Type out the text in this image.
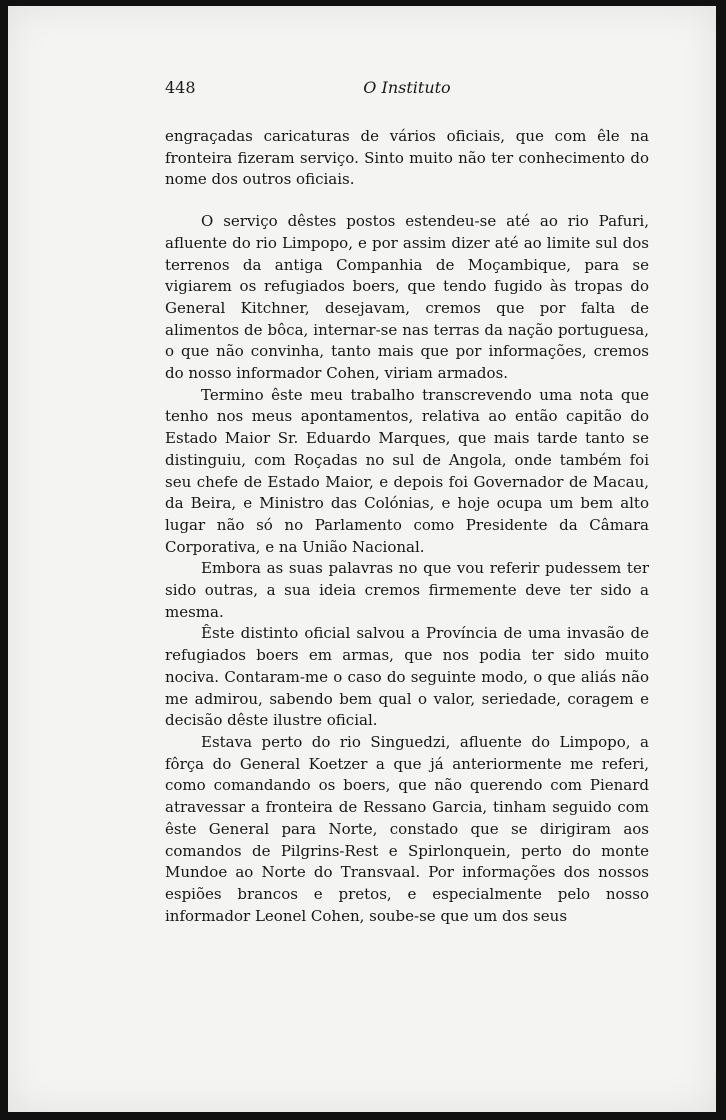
448	O Instituto

engraçadas caricaturas de vários oficiais, que com êle na fronteira fizeram serviço. Sinto muito não ter conhecimento do nome dos outros oficiais.

O serviço dêstes postos estendeu-se até ao rio Pafuri, afluente do rio Limpopo, e por assim dizer até ao limite sul dos terrenos da antiga Companhia de Moçambique, para se vigiarem os refugiados boers, que tendo fugido às tropas do General Kitchner, desejavam, cremos que por falta de alimentos de bôca, internar-se nas terras da nação portuguesa, o que não convinha, tanto mais que por informações, cremos do nosso informador Cohen, viriam armados.

Termino êste meu trabalho transcrevendo uma nota que tenho nos meus apontamentos, relativa ao então capitão do Estado Maior Sr. Eduardo Marques, que mais tarde tanto se distinguiu, com Roçadas no sul de Angola, onde também foi seu chefe de Estado Maior, e depois foi Governador de Macau, da Beira, e Ministro das Colónias, e hoje ocupa um bem alto lugar não só no Parlamento como Presidente da Câmara Corporativa, e na União Nacional.

Embora as suas palavras no que vou referir pudessem ter sido outras, a sua ideia cremos firmemente deve ter sido a mesma.

Êste distinto oficial salvou a Província de uma invasão de refugiados boers em armas, que nos podia ter sido muito nociva. Contaram-me o caso do seguinte modo, o que aliás não me admirou, sabendo bem qual o valor, seriedade, coragem e decisão dêste ilustre oficial.

Estava perto do rio Singuedzi, afluente do Limpopo, a fôrça do General Koetzer a que já anteriormente me referi, como comandando os boers, que não querendo com Pienard atravessar a fronteira de Ressano Garcia, tinham seguido com êste General para Norte, constado que se dirigiram aos comandos de Pilgrins-Rest e Spirlonquein, perto do monte Mundoe ao Norte do Transvaal. Por informações dos nossos espiões brancos e pretos, e especialmente pelo nosso informador Leonel Cohen, soube-se que um dos seus
